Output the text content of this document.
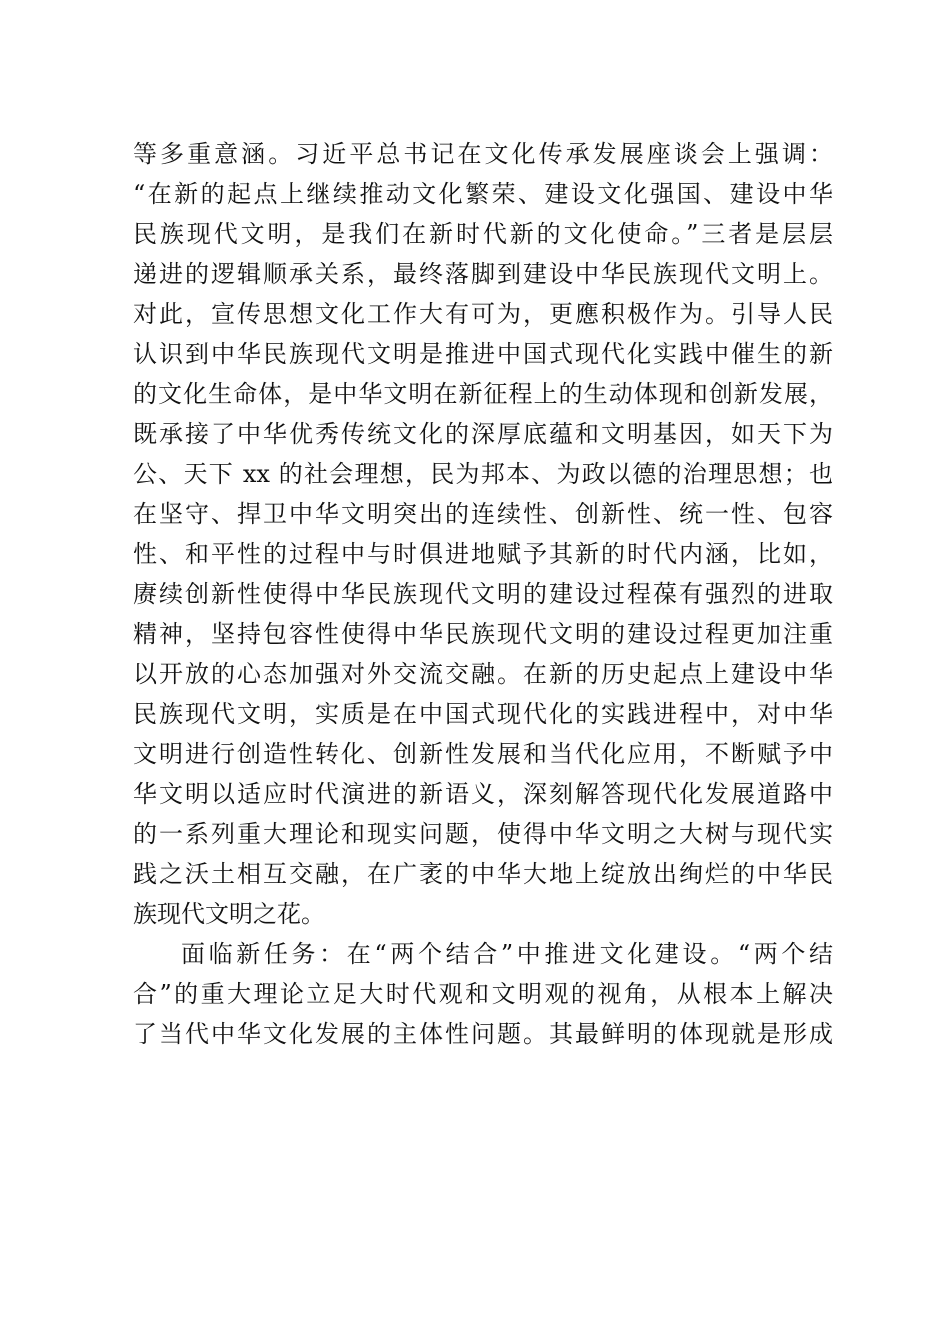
等多重意涵。习近平总书记在文化传承发展座谈会上强调：
“在新的起点上继续推动文化繁荣、建设文化强国、建设中华
民族现代文明，是我们在新时代新的文化使命。”三者是层层
递进的逻辑顺承关系，最终落脚到建设中华民族现代文明上。
对此，宣传思想文化工作大有可为，更應积极作为。引导人民
认识到中华民族现代文明是推进中国式现代化实践中催生的新
的文化生命体，是中华文明在新征程上的生动体现和创新发展，
既承接了中华优秀传统文化的深厚底蕴和文明基因，如天下为
公、天下 xx 的社会理想，民为邦本、为政以德的治理思想；也
在坚守、捍卫中华文明突出的连续性、创新性、统一性、包容
性、和平性的过程中与时俱进地赋予其新的时代内涵，比如，
赓续创新性使得中华民族现代文明的建设过程葆有强烈的进取
精神，坚持包容性使得中华民族现代文明的建设过程更加注重
以开放的心态加强对外交流交融。在新的历史起点上建设中华
民族现代文明，实质是在中国式现代化的实践进程中，对中华
文明进行创造性转化、创新性发展和当代化应用，不断赋予中
华文明以适应时代演进的新语义，深刻解答现代化发展道路中
的一系列重大理论和现实问题，使得中华文明之大树与现代实
践之沃土相互交融，在广袤的中华大地上绽放出绚烂的中华民
族现代文明之花。
面临新任务：在“两个结合”中推进文化建设。“两个结
合”的重大理论立足大时代观和文明观的视角，从根本上解决
了当代中华文化发展的主体性问题。其最鲜明的体现就是形成
